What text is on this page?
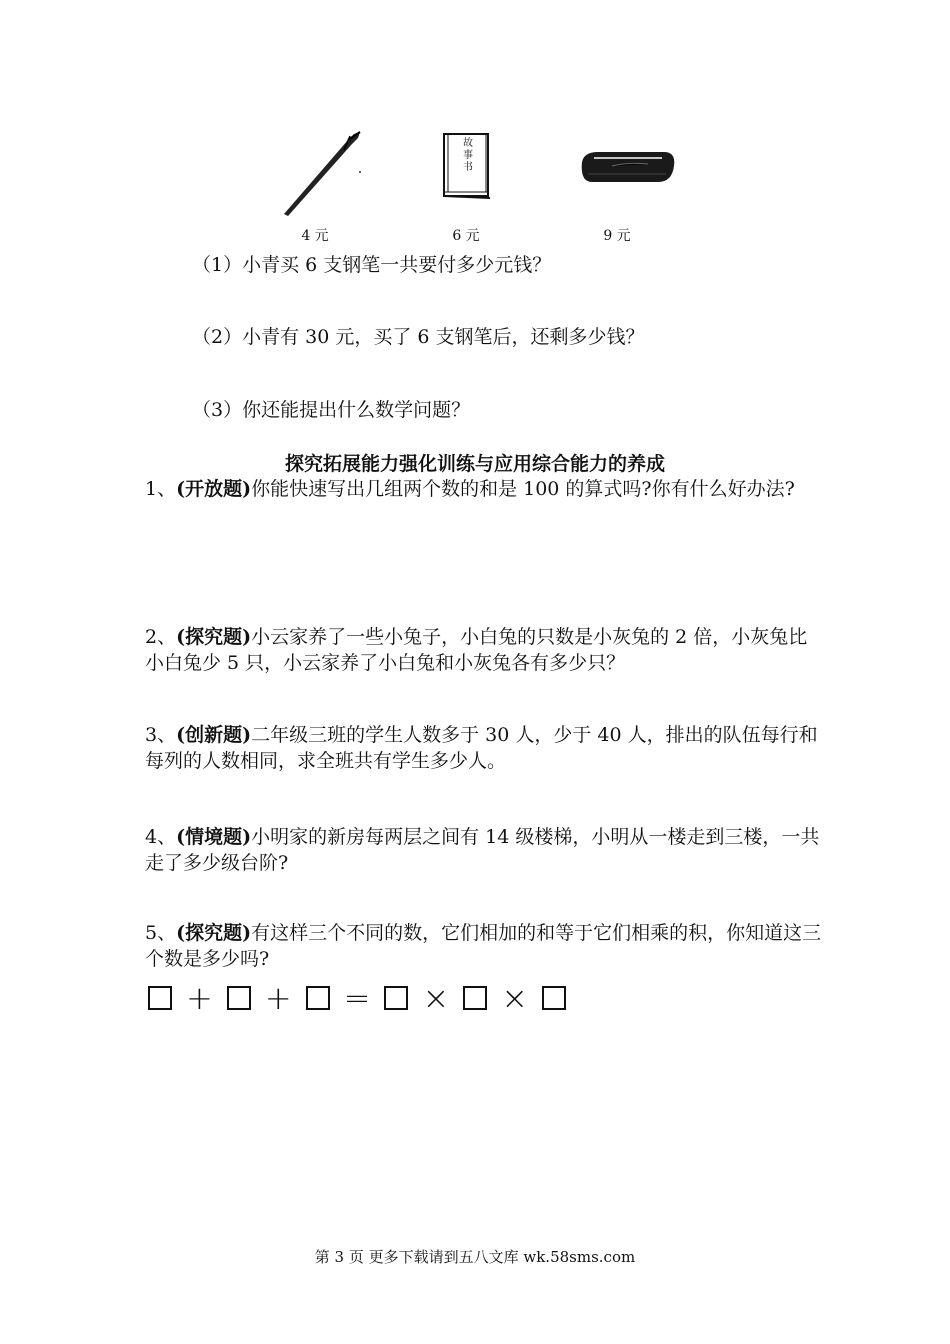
4 元
故事书
6 元	9 元
（1）小青买 6 支钢笔一共要付多少元钱？
（2）小青有 30 元，买了 6 支钢笔后，还剩多少钱？
（3）你还能提出什么数学问题？
探究拓展能力强化训练与应用综合能力的养成
1、(开放题)你能快速写出几组两个数的和是 100 的算式吗?你有什么好办法?
2、(探究题)小云家养了一些小兔子，小白兔的只数是小灰兔的 2 倍，小灰兔比小白兔少 5 只，小云家养了小白兔和小灰兔各有多少只？
3、(创新题)二年级三班的学生人数多于 30 人，少于 40 人，排出的队伍每行和每列的人数相同，求全班共有学生多少人。
4、(情境题)小明家的新房每两层之间有 14 级楼梯，小明从一楼走到三楼，一共走了多少级台阶?
5、(探究题)有这样三个不同的数，它们相加的和等于它们相乘的积，你知道这三个数是多少吗?
+ + = × ×
第 3 页 更多下载请到五八文库 wk.58sms.com
